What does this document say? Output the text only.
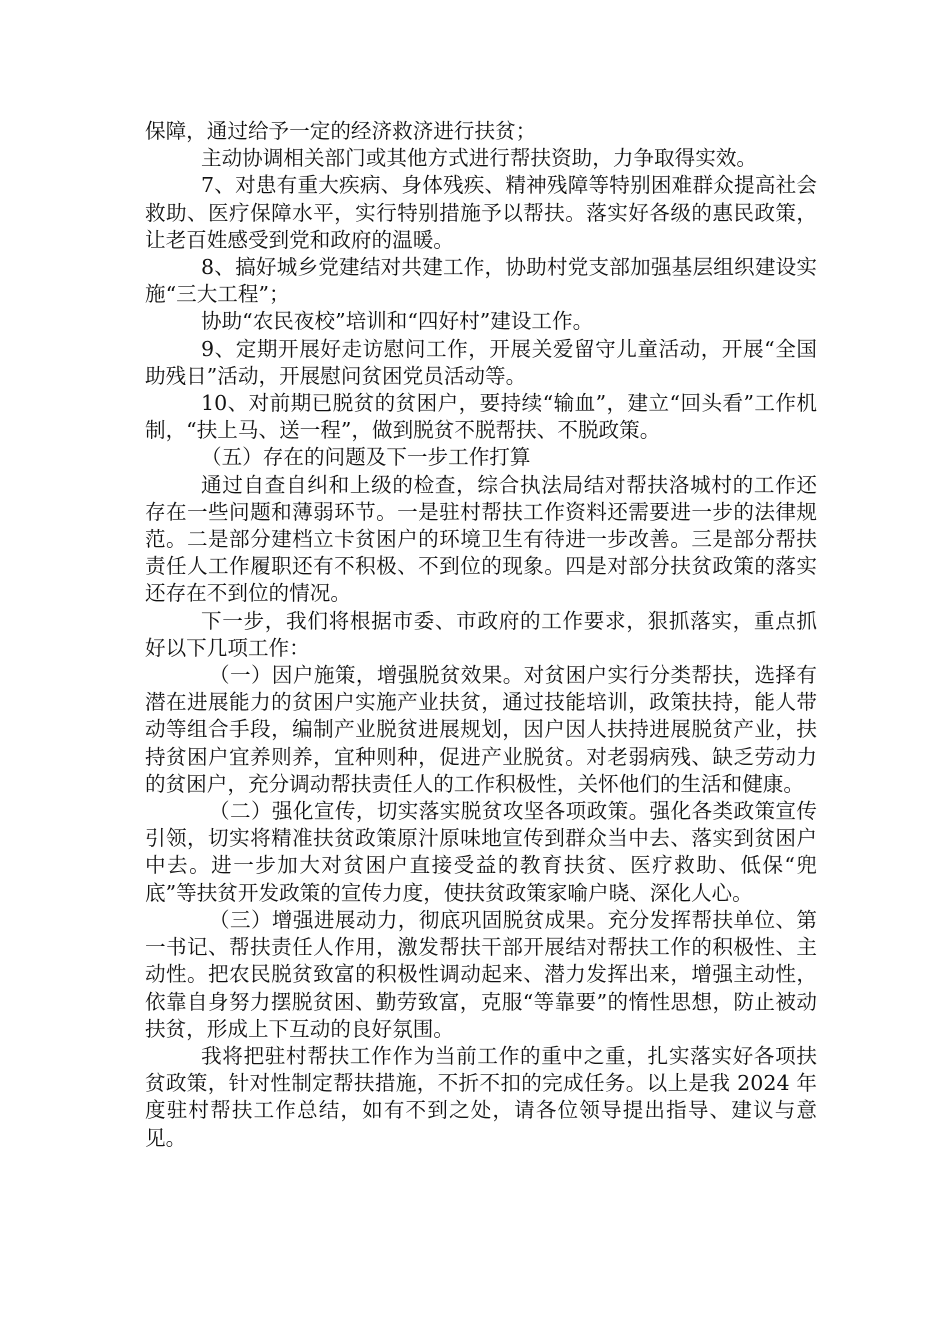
保障，通过给予一定的经济救济进行扶贫；

主动协调相关部门或其他方式进行帮扶资助，力争取得实效。

7、对患有重大疾病、身体残疾、精神残障等特别困难群众提高社会救助、医疗保障水平，实行特别措施予以帮扶。落实好各级的惠民政策，让老百姓感受到党和政府的温暖。

8、搞好城乡党建结对共建工作，协助村党支部加强基层组织建设实施“三大工程”；

协助“农民夜校”培训和“四好村”建设工作。

9、定期开展好走访慰问工作，开展关爱留守儿童活动，开展“全国助残日”活动，开展慰问贫困党员活动等。

10、对前期已脱贫的贫困户，要持续“输血”，建立“回头看”工作机制，“扶上马、送一程”，做到脱贫不脱帮扶、不脱政策。

（五）存在的问题及下一步工作打算

通过自查自纠和上级的检查，综合执法局结对帮扶洛城村的工作还存在一些问题和薄弱环节。一是驻村帮扶工作资料还需要进一步的法律规范。二是部分建档立卡贫困户的环境卫生有待进一步改善。三是部分帮扶责任人工作履职还有不积极、不到位的现象。四是对部分扶贫政策的落实还存在不到位的情况。

下一步，我们将根据市委、市政府的工作要求，狠抓落实，重点抓好以下几项工作：

（一）因户施策，增强脱贫效果。对贫困户实行分类帮扶，选择有潜在进展能力的贫困户实施产业扶贫，通过技能培训，政策扶持，能人带动等组合手段，编制产业脱贫进展规划，因户因人扶持进展脱贫产业，扶持贫困户宜养则养，宜种则种，促进产业脱贫。对老弱病残、缺乏劳动力的贫困户，充分调动帮扶责任人的工作积极性，关怀他们的生活和健康。

（二）强化宣传，切实落实脱贫攻坚各项政策。强化各类政策宣传引领，切实将精准扶贫政策原汁原味地宣传到群众当中去、落实到贫困户中去。进一步加大对贫困户直接受益的教育扶贫、医疗救助、低保“兜底”等扶贫开发政策的宣传力度，使扶贫政策家喻户晓、深化人心。

（三）增强进展动力，彻底巩固脱贫成果。充分发挥帮扶单位、第一书记、帮扶责任人作用，激发帮扶干部开展结对帮扶工作的积极性、主动性。把农民脱贫致富的积极性调动起来、潜力发挥出来，增强主动性，依靠自身努力摆脱贫困、勤劳致富，克服“等靠要”的惰性思想，防止被动扶贫，形成上下互动的良好氛围。

我将把驻村帮扶工作作为当前工作的重中之重，扎实落实好各项扶贫政策，针对性制定帮扶措施，不折不扣的完成任务。以上是我 2024 年度驻村帮扶工作总结，如有不到之处，请各位领导提出指导、建议与意见。
